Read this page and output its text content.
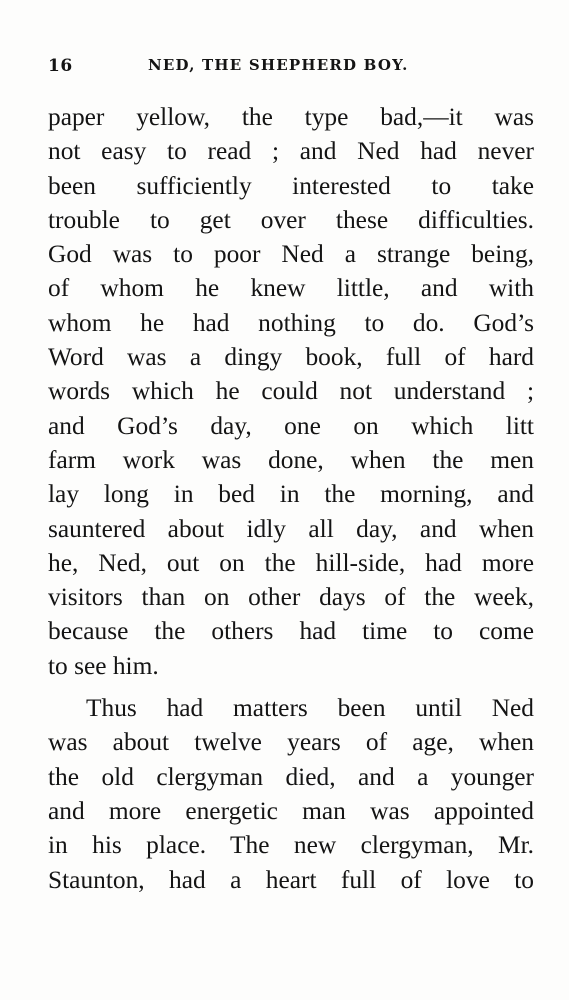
16	NED, THE SHEPHERD BOY.
paper yellow, the type bad,—it was
not easy to read ; and Ned had never
been sufficiently interested to take
trouble to get over these difficulties.
God was to poor Ned a strange being,
of whom he knew little, and with
whom he had nothing to do. God’s
Word was a dingy book, full of hard
words which he could not understand ;
and God’s day, one on which litt
farm work was done, when the men
lay long in bed in the morning, and
sauntered about idly all day, and when
he, Ned, out on the hill-side, had more
visitors than on other days of the week,
because the others had time to come
to see him.
Thus had matters been until Ned
was about twelve years of age, when
the old clergyman died, and a younger
and more energetic man was appointed
in his place. The new clergyman, Mr.
Staunton, had a heart full of love to
